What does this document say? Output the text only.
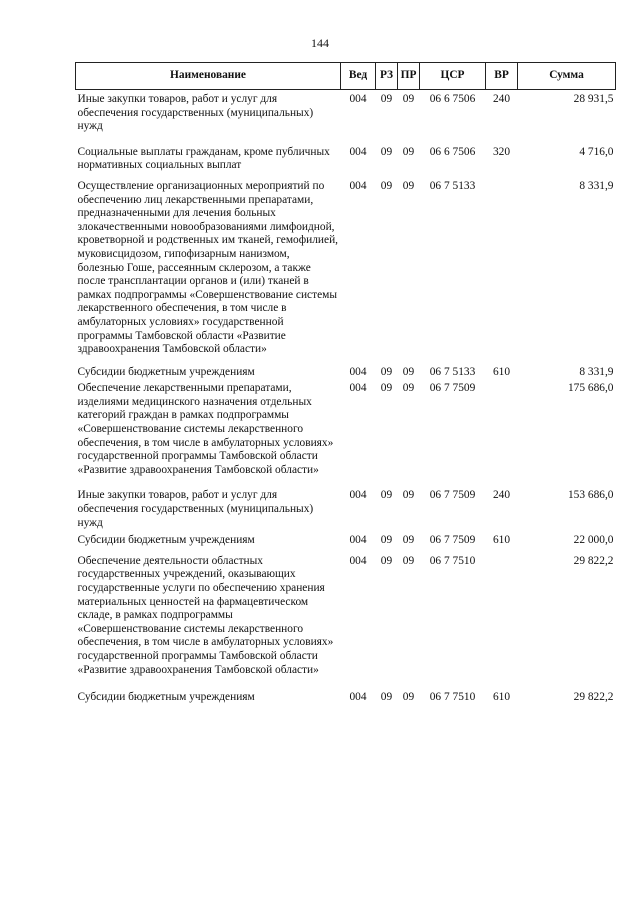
144
Наименование	Вед	РЗ	ПР	ЦСР	ВР	Сумма
Иные закупки товаров, работ и услуг для обеспечения государственных (муниципальных) нужд	004	09	09	06 6 7506	240	28 931,5
Социальные выплаты гражданам, кроме публичных нормативных социальных выплат	004	09	09	06 6 7506	320	4 716,0
Осуществление организационных мероприятий по обеспечению лиц лекарственными препаратами, предназначенными для лечения больных злокачественными новообразованиями лимфоидной, кроветворной и родственных им тканей, гемофилией, муковисцидозом, гипофизарным нанизмом, болезнью Гоше, рассеянным склерозом, а также после трансплантации органов и (или) тканей в рамках подпрограммы «Совершенствование системы лекарственного обеспечения, в том числе в амбулаторных условиях» государственной программы Тамбовской области «Развитие здравоохранения Тамбовской области»	004	09	09	06 7 5133		8 331,9
Субсидии бюджетным учреждениям	004	09	09	06 7 5133	610	8 331,9
Обеспечение лекарственными препаратами, изделиями медицинского назначения отдельных категорий граждан в рамках подпрограммы «Совершенствование системы лекарственного обеспечения, в том числе в амбулаторных условиях» государственной программы Тамбовской области «Развитие здравоохранения Тамбовской области»	004	09	09	06 7 7509		175 686,0
Иные закупки товаров, работ и услуг для обеспечения государственных (муниципальных) нужд	004	09	09	06 7 7509	240	153 686,0
Субсидии бюджетным учреждениям	004	09	09	06 7 7509	610	22 000,0
Обеспечение деятельности областных государственных учреждений, оказывающих государственные услуги по обеспечению хранения материальных ценностей на фармацевтическом складе, в рамках подпрограммы «Совершенствование системы лекарственного обеспечения, в том числе в амбулаторных условиях» государственной программы Тамбовской области «Развитие здравоохранения Тамбовской области»	004	09	09	06 7 7510		29 822,2
Субсидии бюджетным учреждениям	004	09	09	06 7 7510	610	29 822,2
